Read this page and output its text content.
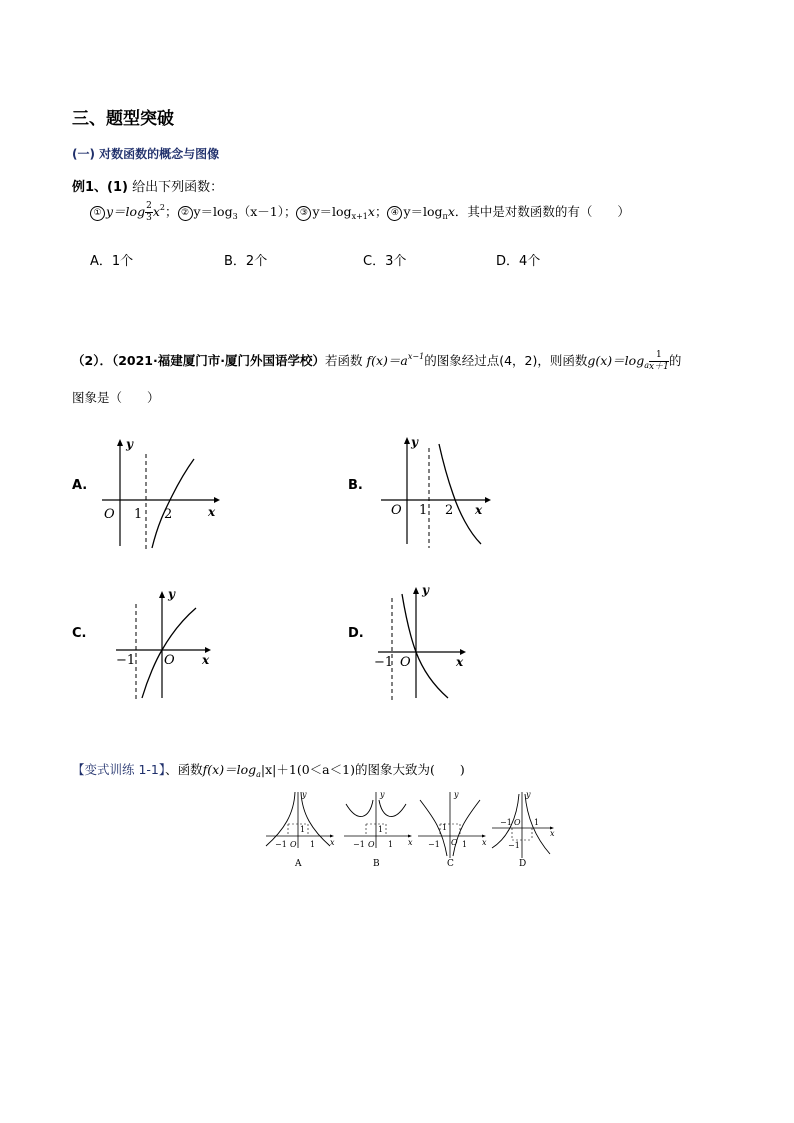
三、题型突破
(一) 对数函数的概念与图像
例1、(1) 给出下列函数：
① $y=\log \frac{2}{3} x^2$； ② $y=\log_3(x-1)$； ③ $y=\log_{x+1}x$； ④ $y=\log_\pi x$．其中是对数函数的有（　　）
A．1个	B．2个	C．3个	D．4个
（2）．（2021·福建厦门市·厦门外国语学校）若函数 $f(x)=a^{x-1}$的图象经过点(4，2)，则函数$g(x)=\log_a \frac{1}{x+1}$ 的
图象是（　　）
A.	B.
C.	D.
y
x
O 1 2
y
x
O 1 2
y
x
O
−1
y
x
O
−1
【变式训练 1-1】、函数$f(x)=\log_a|x|+1(0<a<1)$的图象大致为(　　)
y
x
1
−1 O 1
A
y
x
1
−1 O 1
B
y
x
1
−1 O 1
C
y
x
−1 O 1
−1
D
